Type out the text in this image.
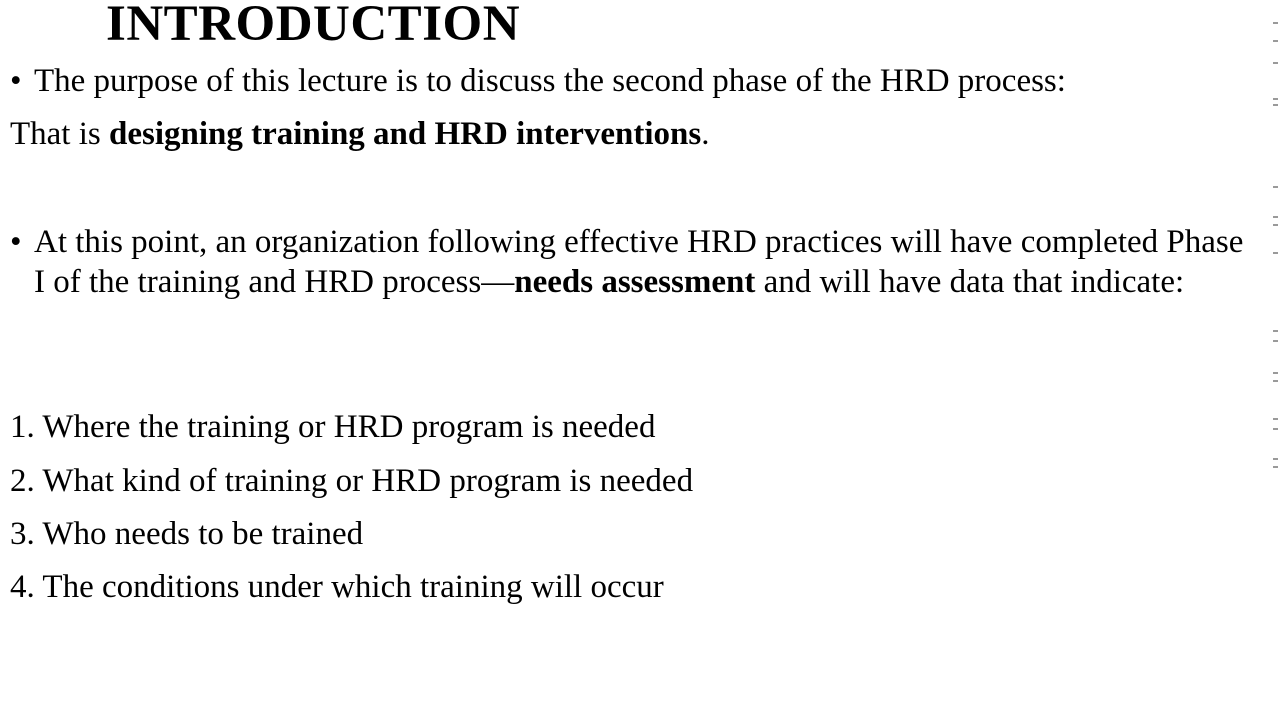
INTRODUCTION
• The purpose of this lecture is to discuss the second phase of the HRD process:
That is designing training and HRD interventions.
• At this point, an organization following effective HRD practices will have completed Phase I of the training and HRD process—needs assessment and will have data that indicate:
1. Where the training or HRD program is needed
2. What kind of training or HRD program is needed
3. Who needs to be trained
4. The conditions under which training will occur
